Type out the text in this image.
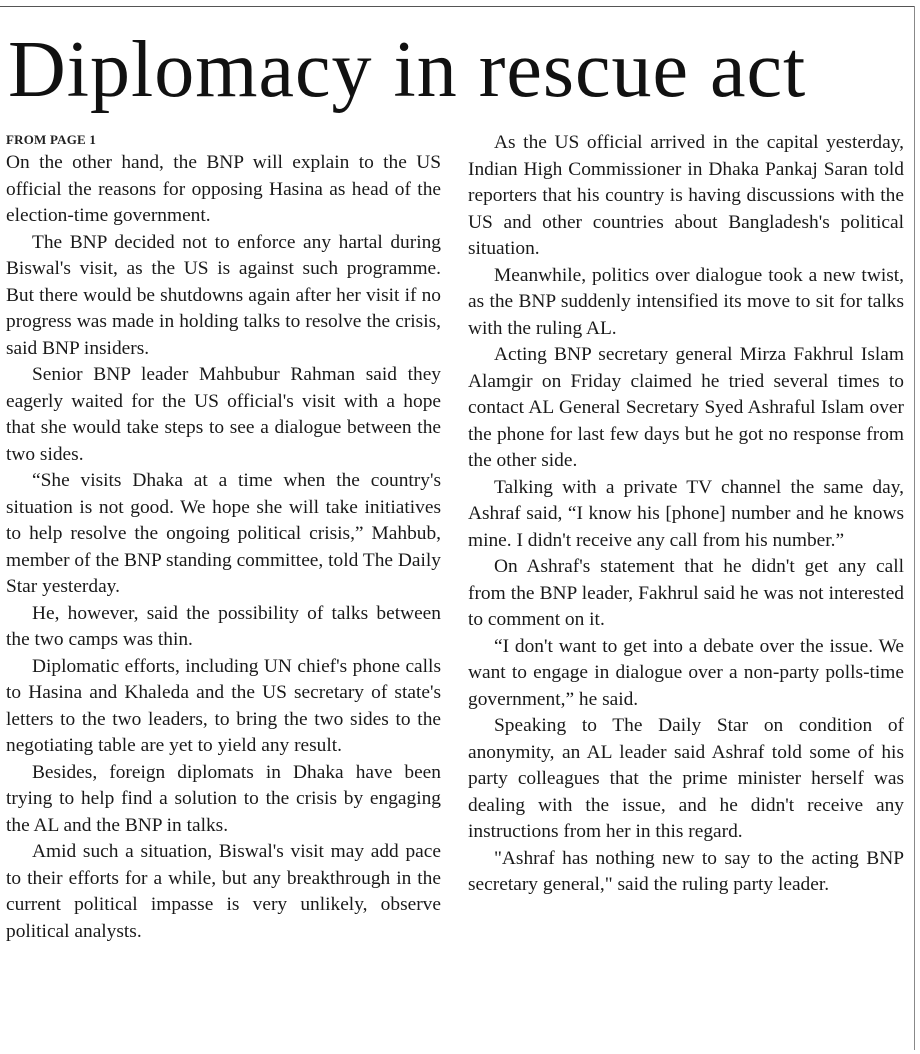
Diplomacy in rescue act
FROM PAGE 1

On the other hand, the BNP will explain to the US official the reasons for opposing Hasina as head of the election-time government.

The BNP decided not to enforce any hartal during Biswal's visit, as the US is against such programme. But there would be shutdowns again after her visit if no progress was made in holding talks to resolve the crisis, said BNP insiders.

Senior BNP leader Mahbubur Rahman said they eagerly waited for the US official's visit with a hope that she would take steps to see a dialogue between the two sides.

“She visits Dhaka at a time when the country's situation is not good. We hope she will take initiatives to help resolve the ongoing political crisis,” Mahbub, member of the BNP standing committee, told The Daily Star yesterday.

He, however, said the possibility of talks between the two camps was thin.

Diplomatic efforts, including UN chief's phone calls to Hasina and Khaleda and the US secretary of state's letters to the two leaders, to bring the two sides to the negotiating table are yet to yield any result.

Besides, foreign diplomats in Dhaka have been trying to help find a solution to the crisis by engaging the AL and the BNP in talks.

Amid such a situation, Biswal's visit may add pace to their efforts for a while, but any breakthrough in the current political impasse is very unlikely, observe political analysts.

As the US official arrived in the capital yesterday, Indian High Commissioner in Dhaka Pankaj Saran told reporters that his country is having discussions with the US and other countries about Bangladesh's political situation.

Meanwhile, politics over dialogue took a new twist, as the BNP suddenly intensified its move to sit for talks with the ruling AL.

Acting BNP secretary general Mirza Fakhrul Islam Alamgir on Friday claimed he tried several times to contact AL General Secretary Syed Ashraful Islam over the phone for last few days but he got no response from the other side.

Talking with a private TV channel the same day, Ashraf said, “I know his [phone] number and he knows mine. I didn't receive any call from his number.”

On Ashraf's statement that he didn't get any call from the BNP leader, Fakhrul said he was not interested to comment on it.

“I don't want to get into a debate over the issue. We want to engage in dialogue over a non-party polls-time government,” he said.

Speaking to The Daily Star on condition of anonymity, an AL leader said Ashraf told some of his party colleagues that the prime minister herself was dealing with the issue, and he didn't receive any instructions from her in this regard.

"Ashraf has nothing new to say to the acting BNP secretary general," said the ruling party leader.
